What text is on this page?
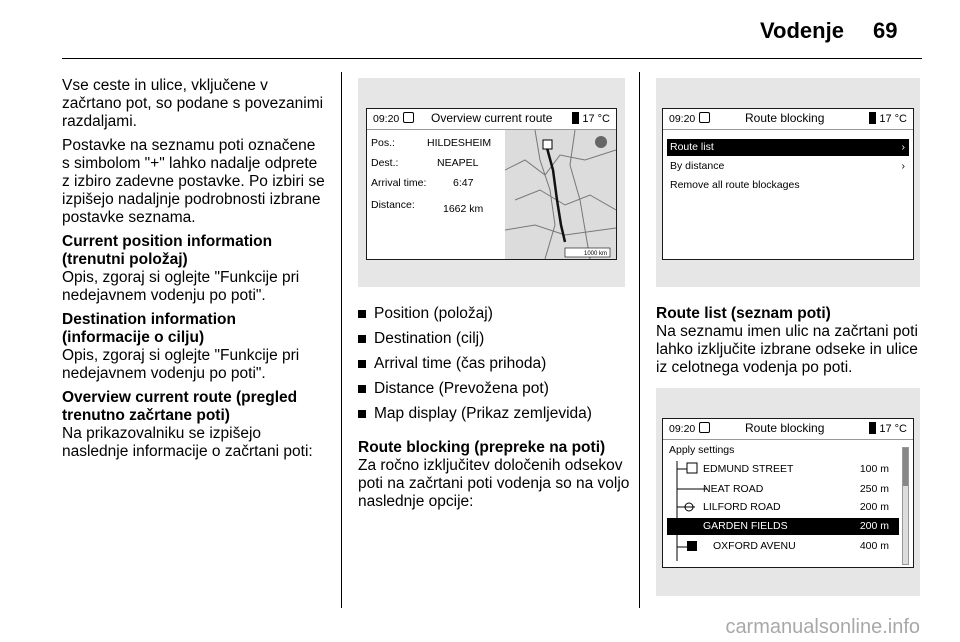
Vodenje 69

Vse ceste in ulice, vključene v začrtano pot, so podane s povezanimi razdaljami.

Postavke na seznamu poti označene s simbolom "+" lahko nadalje odprete z izbiro zadevne postavke. Po izbiri se izpišejo nadaljnje podrobnosti izbrane postavke seznama.

Current position information (trenutni položaj)
Opis, zgoraj si oglejte "Funkcije pri nedejavnem vodenju po poti".
Destination information (informacije o cilju)
Opis, zgoraj si oglejte "Funkcije pri nedejavnem vodenju po poti".
Overview current route (pregled trenutno začrtane poti)
Na prikazovalniku se izpišejo naslednje informacije o začrtani poti:
09:20	Overview current route	17 °C
Pos.:	HILDESHEIM
Dest.:	NEAPEL
Arrival time:	6:47
Distance:	1662 km
1000 km
Position (položaj)
Destination (cilj)
Arrival time (čas prihoda)
Distance (Prevožena pot)
Map display (Prikaz zemljevida)
Route blocking (prepreke na poti)
Za ročno izključitev določenih odsekov poti na začrtani poti vodenja so na voljo naslednje opcije:
09:20	Route blocking	17 °C
Route list	›
By distance	›
Remove all route blockages
Route list (seznam poti)
Na seznamu imen ulic na začrtani poti lahko izključite izbrane odseke in ulice iz celotnega vodenja po poti.
09:20	Route blocking	17 °C
Apply settings
EDMUND STREET	100 m
NEAT ROAD	250 m
LILFORD ROAD	200 m
GARDEN FIELDS	200 m
OXFORD AVENU	400 m
carmanualsonline.info
